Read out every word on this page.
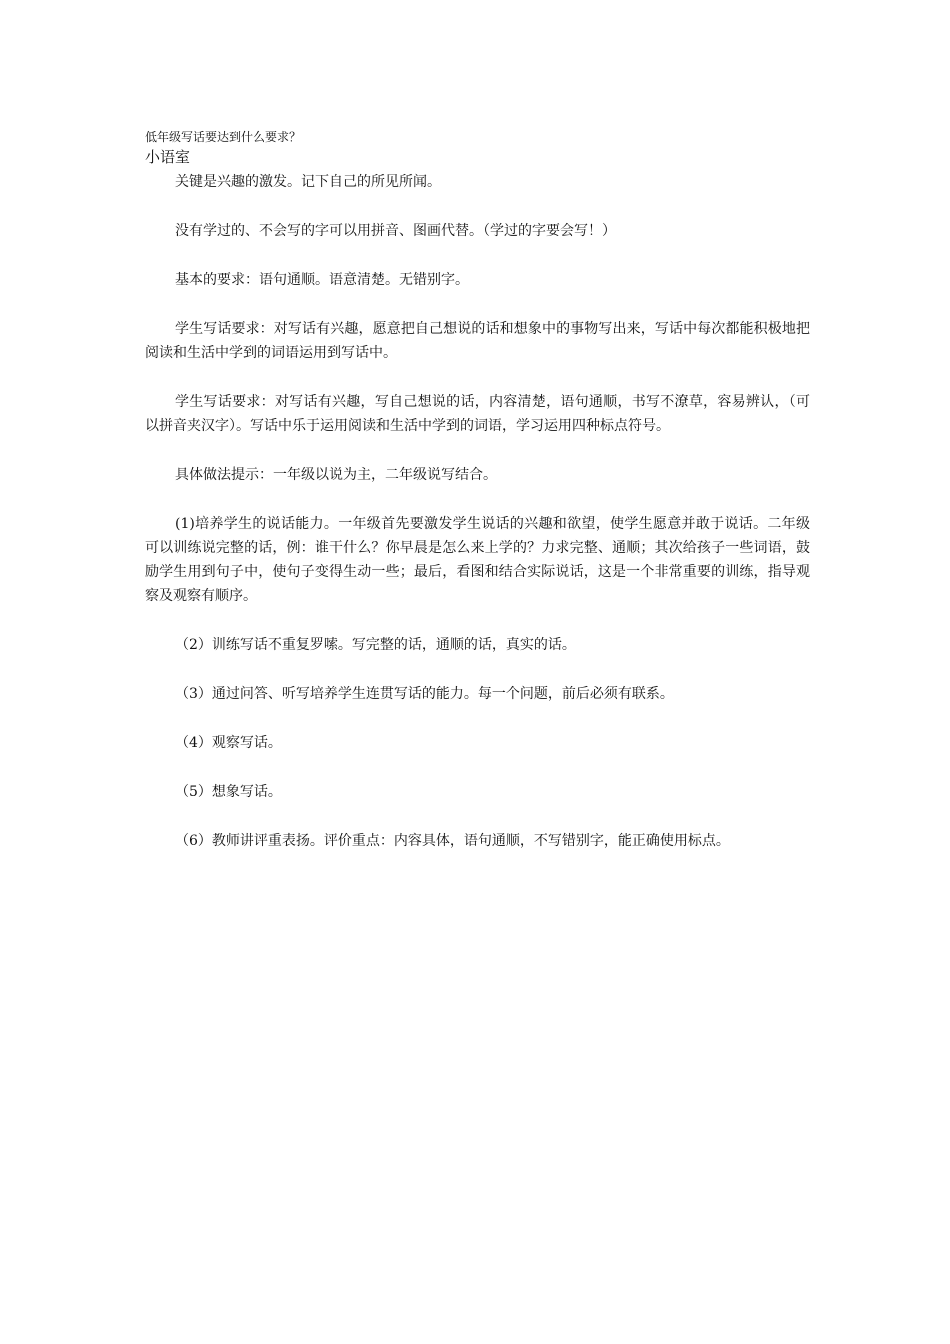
低年级写话要达到什么要求？

小语室

关键是兴趣的激发。记下自己的所见所闻。

没有学过的、不会写的字可以用拼音、图画代替。（学过的字要会写！）

基本的要求：语句通顺。语意清楚。无错别字。

学生写话要求：对写话有兴趣，愿意把自己想说的话和想象中的事物写出来，写话中每次都能积极地把阅读和生活中学到的词语运用到写话中。

学生写话要求：对写话有兴趣，写自己想说的话，内容清楚，语句通顺，书写不潦草，容易辨认，（可以拼音夹汉字）。写话中乐于运用阅读和生活中学到的词语，学习运用四种标点符号。

具体做法提示：一年级以说为主，二年级说写结合。

(1)培养学生的说话能力。一年级首先要激发学生说话的兴趣和欲望，使学生愿意并敢于说话。二年级可以训练说完整的话，例：谁干什么？你早晨是怎么来上学的？力求完整、通顺；其次给孩子一些词语，鼓励学生用到句子中，使句子变得生动一些；最后，看图和结合实际说话，这是一个非常重要的训练，指导观察及观察有顺序。

（2）训练写话不重复罗嗦。写完整的话，通顺的话，真实的话。

（3）通过问答、听写培养学生连贯写话的能力。每一个问题，前后必须有联系。

（4）观察写话。

（5）想象写话。

（6）教师讲评重表扬。评价重点：内容具体，语句通顺，不写错别字，能正确使用标点。
